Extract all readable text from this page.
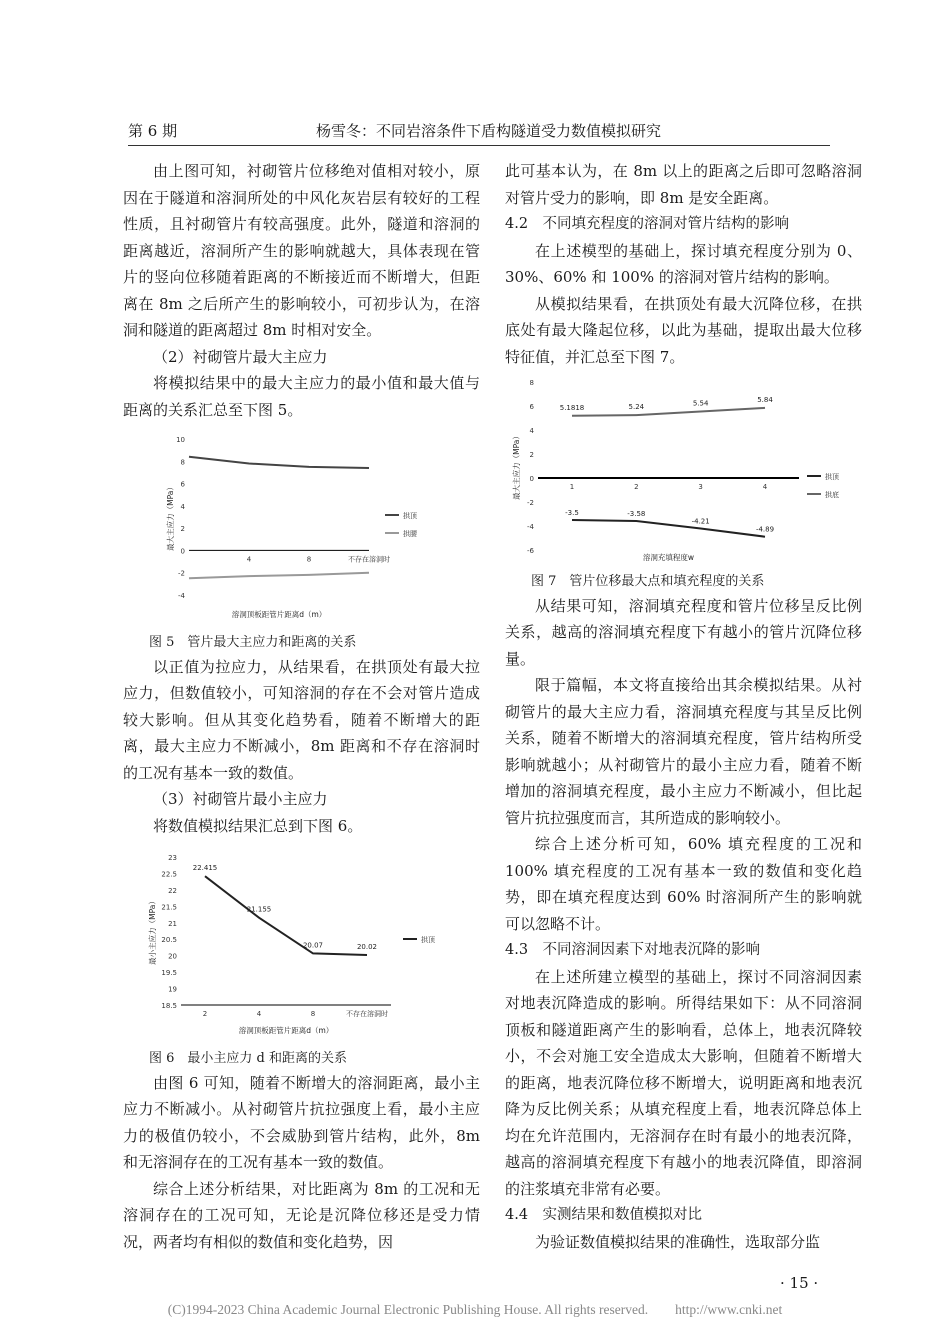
第 6 期	杨雪冬：不同岩溶条件下盾构隧道受力数值模拟研究

由上图可知，衬砌管片位移绝对值相对较小，原因在于隧道和溶洞所处的中风化灰岩层有较好的工程性质，且衬砌管片有较高强度。此外，隧道和溶洞的距离越近，溶洞所产生的影响就越大，具体表现在管片的竖向位移随着距离的不断接近而不断增大，但距离在 8m 之后所产生的影响较小，可初步认为，在溶洞和隧道的距离超过 8m 时相对安全。

（2）衬砌管片最大主应力

将模拟结果中的最大主应力的最小值和最大值与距离的关系汇总至下图 5。

-4
-2
0
2
4
6
8
10
4	8	不存在溶洞时
拱顶
拱腰
溶洞顶板距管片距离d（m）
最大主应力（MPa）

图 5　管片最大主应力和距离的关系

以正值为拉应力，从结果看，在拱顶处有最大拉应力，但数值较小，可知溶洞的存在不会对管片造成较大影响。但从其变化趋势看，随着不断增大的距离，最大主应力不断减小，8m 距离和不存在溶洞时的工况有基本一致的数值。

（3）衬砌管片最小主应力

将数值模拟结果汇总到下图 6。

18.5
19
19.5
20
20.5
21
21.5
22
22.5
23
2	4	8	不存在溶洞时
22.415
21.155
20.07	20.02
拱顶
溶洞顶板距管片距离d（m）
最小主应力（MPa）

图 6　最小主应力 d 和距离的关系

由图 6 可知，随着不断增大的溶洞距离，最小主应力不断减小。从衬砌管片抗拉强度上看，最小主应力的极值仍较小，不会威胁到管片结构，此外，8m 和无溶洞存在的工况有基本一致的数值。

综合上述分析结果，对比距离为 8m 的工况和无溶洞存在的工况可知，无论是沉降位移还是受力情况，两者均有相似的数值和变化趋势，因

此可基本认为，在 8m 以上的距离之后即可忽略溶洞对管片受力的影响，即 8m 是安全距离。

4.2　不同填充程度的溶洞对管片结构的影响

在上述模型的基础上，探讨填充程度分别为 0、30%、60% 和 100% 的溶洞对管片结构的影响。

从模拟结果看，在拱顶处有最大沉降位移，在拱底处有最大隆起位移，以此为基础，提取出最大位移特征值，并汇总至下图 7。

-6
-4
-2
0
2
4
6
8
1	2	3	4
-3.5	-3.58
-4.21
-4.89
拱顶
5.1818	5.24	5.54	5.84
拱底
溶洞充填程度w
最大主应力（MPa）

图 7　管片位移最大点和填充程度的关系

从结果可知，溶洞填充程度和管片位移呈反比例关系，越高的溶洞填充程度下有越小的管片沉降位移量。

限于篇幅，本文将直接给出其余模拟结果。从衬砌管片的最大主应力看，溶洞填充程度与其呈反比例关系，随着不断增大的溶洞填充程度，管片结构所受影响就越小；从衬砌管片的最小主应力看，随着不断增加的溶洞填充程度，最小主应力不断减小，但比起管片抗拉强度而言，其所造成的影响较小。

综合上述分析可知，60% 填充程度的工况和 100% 填充程度的工况有基本一致的数值和变化趋势，即在填充程度达到 60% 时溶洞所产生的影响就可以忽略不计。

4.3　不同溶洞因素下对地表沉降的影响

在上述所建立模型的基础上，探讨不同溶洞因素对地表沉降造成的影响。所得结果如下：从不同溶洞顶板和隧道距离产生的影响看，总体上，地表沉降较小，不会对施工安全造成太大影响，但随着不断增大的距离，地表沉降位移不断增大，说明距离和地表沉降为反比例关系；从填充程度上看，地表沉降总体上均在允许范围内，无溶洞存在时有最小的地表沉降，越高的溶洞填充程度下有越小的地表沉降值，即溶洞的注浆填充非常有必要。

4.4　实测结果和数值模拟对比

为验证数值模拟结果的准确性，选取部分监

· 15 ·
(C)1994-2023 China Academic Journal Electronic Publishing House. All rights reserved.　　http://www.cnki.net
